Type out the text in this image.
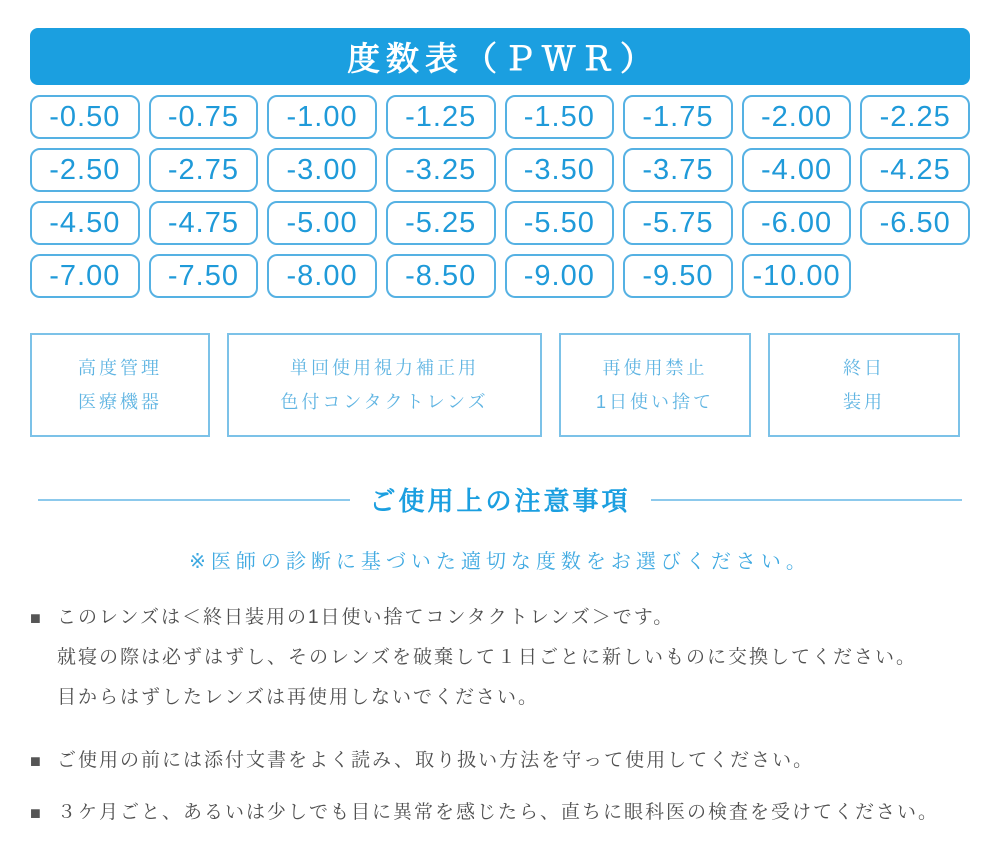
度数表（ＰＷＲ）
-0.50	-0.75	-1.00	-1.25	-1.50	-1.75	-2.00	-2.25
-2.50	-2.75	-3.00	-3.25	-3.50	-3.75	-4.00	-4.25
-4.50	-4.75	-5.00	-5.25	-5.50	-5.75	-6.00	-6.50
-7.00	-7.50	-8.00	-8.50	-9.00	-9.50	-10.00
高度管理
医療機器
単回使用視力補正用
色付コンタクトレンズ
再使用禁止
1日使い捨て
終日
装用
ご使用上の注意事項
※医師の診断に基づいた適切な度数をお選びください。
■ このレンズは＜終日装用の1日使い捨てコンタクトレンズ＞です。
就寝の際は必ずはずし、そのレンズを破棄して１日ごとに新しいものに交換してください。
目からはずしたレンズは再使用しないでください。
■ ご使用の前には添付文書をよく読み、取り扱い方法を守って使用してください。
■ ３ケ月ごと、あるいは少しでも目に異常を感じたら、直ちに眼科医の検査を受けてください。
